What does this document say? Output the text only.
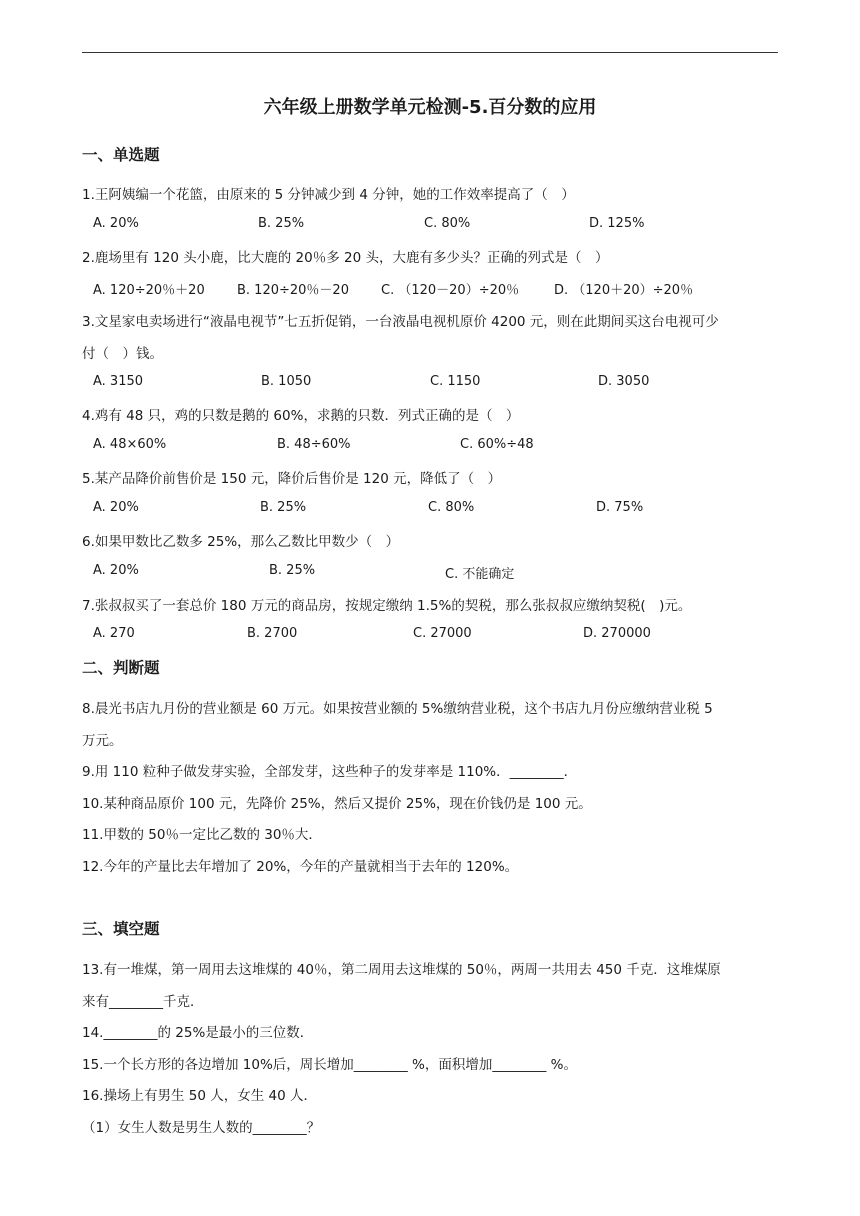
六年级上册数学单元检测-5.百分数的应用
一、单选题
1.王阿姨编一个花篮，由原来的 5 分钟减少到 4 分钟，她的工作效率提高了（　）
A. 20%	B. 25%	C. 80%	D. 125%
2.鹿场里有 120 头小鹿，比大鹿的 20％多 20 头，大鹿有多少头？正确的列式是（　）
A. 120÷20％＋20 B. 120÷20％－20 C. （120－20）÷20％	D. （120＋20）÷20％
3.文星家电卖场进行“液晶电视节”七五折促销，一台液晶电视机原价 4200 元，则在此期间买这台电视可少
付（　）钱。
A. 3150	B. 1050	C. 1150	D. 3050
4.鸡有 48 只，鸡的只数是鹅的 60%，求鹅的只数．列式正确的是（　）
A. 48×60%	B. 48÷60%	C. 60%÷48
5.某产品降价前售价是 150 元，降价后售价是 120 元，降低了（　）
A. 20%	B. 25%	C. 80%	D. 75%
6.如果甲数比乙数多 25%，那么乙数比甲数少（　）
A. 20%	B. 25%	C. 不能确定
7.张叔叔买了一套总价 180 万元的商品房，按规定缴纳 1.5%的契税，那么张叔叔应缴纳契税(　)元。
A. 270	B. 2700	C. 27000	D. 270000
二、判断题
8.晨光书店九月份的营业额是 60 万元。如果按营业额的 5%缴纳营业税，这个书店九月份应缴纳营业税 5
万元。
9.用 110 粒种子做发芽实验，全部发芽，这些种子的发芽率是 110%．________．
10.某种商品原价 100 元，先降价 25%，然后又提价 25%，现在价钱仍是 100 元。
11.甲数的 50％一定比乙数的 30％大．
12.今年的产量比去年增加了 20%，今年的产量就相当于去年的 120%。
三、填空题
13.有一堆煤，第一周用去这堆煤的 40％，第二周用去这堆煤的 50％，两周一共用去 450 千克．这堆煤原
来有________千克．
14.________的 25%是最小的三位数．
15.一个长方形的各边增加 10%后，周长增加________ %，面积增加________ %。
16.操场上有男生 50 人，女生 40 人．
（1）女生人数是男生人数的________？
